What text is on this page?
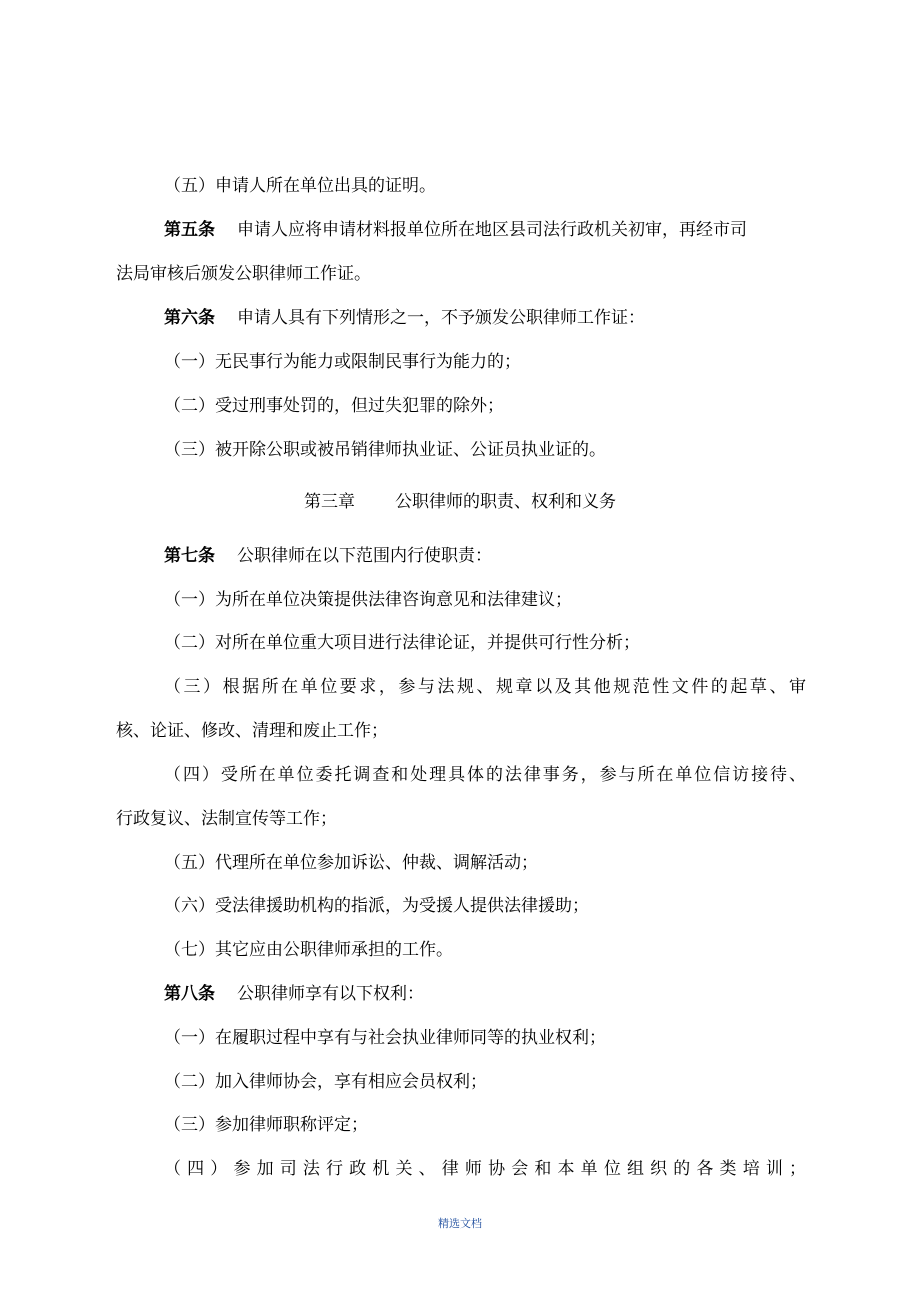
（五）申请人所在单位出具的证明。
第五条 申请人应将申请材料报单位所在地区县司法行政机关初审，再经市司
法局审核后颁发公职律师工作证。
第六条 申请人具有下列情形之一，不予颁发公职律师工作证：
（一）无民事行为能力或限制民事行为能力的；
（二）受过刑事处罚的，但过失犯罪的除外；
（三）被开除公职或被吊销律师执业证、公证员执业证的。
第三章 公职律师的职责、权利和义务
第七条 公职律师在以下范围内行使职责：
（一）为所在单位决策提供法律咨询意见和法律建议；
（二）对所在单位重大项目进行法律论证，并提供可行性分析；
（三）根据所在单位要求，参与法规、规章以及其他规范性文件的起草、审
核、论证、修改、清理和废止工作；
（四）受所在单位委托调查和处理具体的法律事务，参与所在单位信访接待、
行政复议、法制宣传等工作；
（五）代理所在单位参加诉讼、仲裁、调解活动；
（六）受法律援助机构的指派，为受援人提供法律援助；
（七）其它应由公职律师承担的工作。
第八条 公职律师享有以下权利：
（一）在履职过程中享有与社会执业律师同等的执业权利；
（二）加入律师协会，享有相应会员权利；
（三）参加律师职称评定；
（四）参加司法行政机关、律师协会和本单位组织的各类培训；
精选文档
